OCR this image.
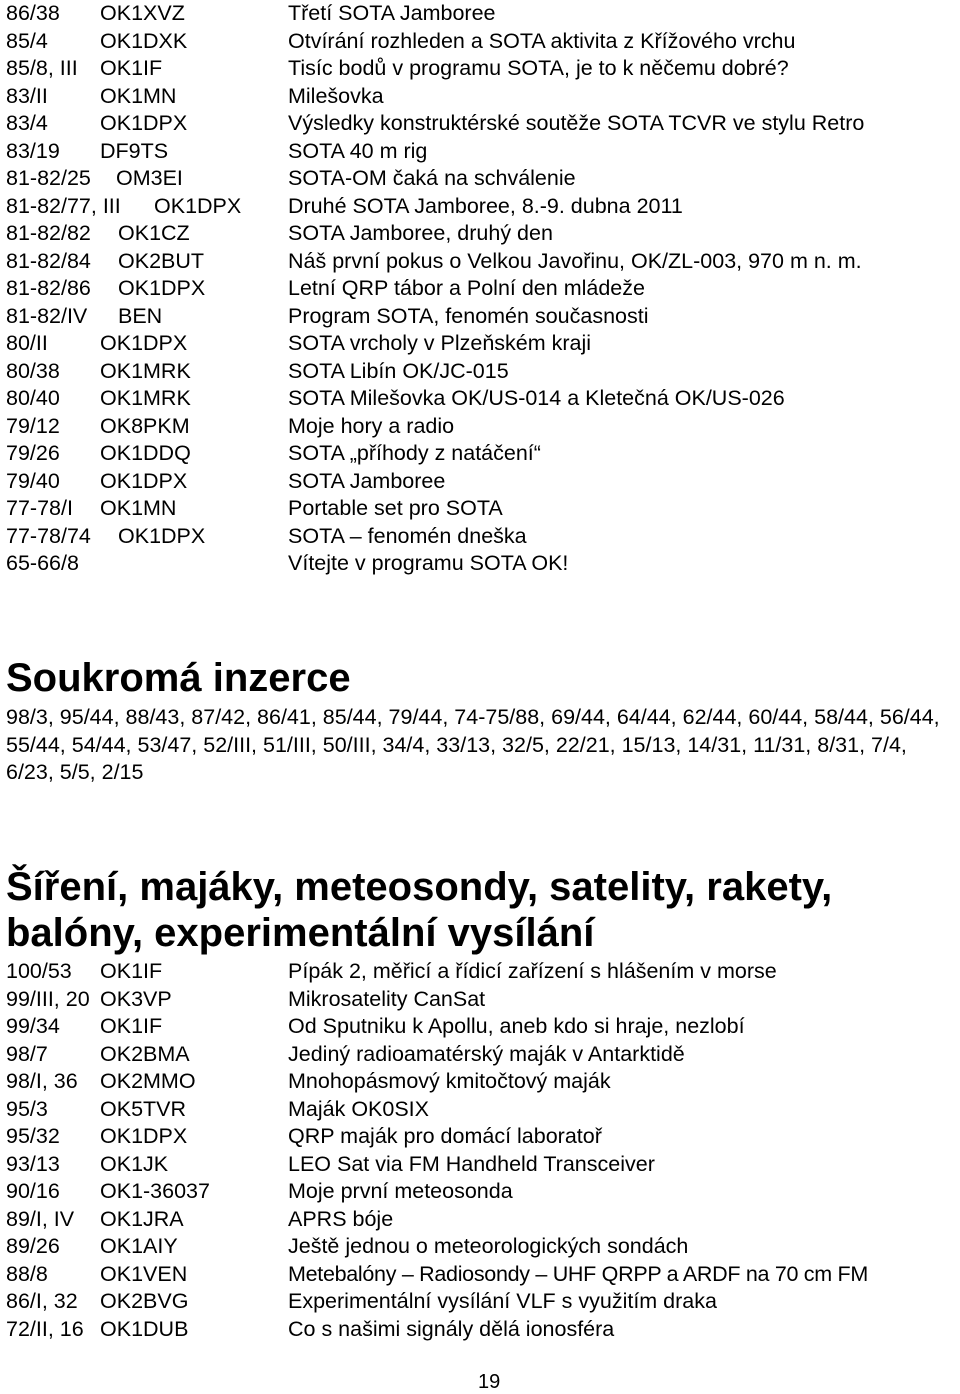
86/38 OK1XVZ	Třetí SOTA Jamboree
85/4 OK1DXK	Otvírání rozhleden a SOTA aktivita z Křížového vrchu
85/8, III OK1IF	Tisíc bodů v programu SOTA, je to k něčemu dobré?
83/II OK1MN	Milešovka
83/4 OK1DPX	Výsledky konstruktérské soutěže SOTA TCVR ve stylu Retro
83/19 DF9TS	SOTA 40 m rig
81-82/25 OM3EI	SOTA-OM čaká na schválenie
81-82/77, III OK1DPX Druhé SOTA Jamboree, 8.-9. dubna 2011
81-82/82 OK1CZ	SOTA Jamboree, druhý den
81-82/84 OK2BUT	Náš první pokus o Velkou Javořinu, OK/ZL-003, 970 m n. m.
81-82/86 OK1DPX	Letní QRP tábor a Polní den mládeže
81-82/IV BEN	Program SOTA, fenomén současnosti
80/II OK1DPX	SOTA vrcholy v Plzeňském kraji
80/38 OK1MRK	SOTA Libín OK/JC-015
80/40 OK1MRK	SOTA Milešovka OK/US-014 a Kletečná OK/US-026
79/12 OK8PKM	Moje hory a radio
79/26 OK1DDQ	SOTA „příhody z natáčení“
79/40 OK1DPX	SOTA Jamboree
77-78/I OK1MN	Portable set pro SOTA
77-78/74 OK1DPX	SOTA – fenomén dneška
65-66/8	Vítejte v programu SOTA OK!
Soukromá inzerce
98/3, 95/44, 88/43, 87/42, 86/41, 85/44, 79/44, 74-75/88, 69/44, 64/44, 62/44, 60/44, 58/44, 56/44, 55/44, 54/44, 53/47, 52/III, 51/III, 50/III, 34/4, 33/13, 32/5, 22/21, 15/13, 14/31, 11/31, 8/31, 7/4, 6/23, 5/5, 2/15
Šíření, majáky, meteosondy, satelity, rakety,
balóny, experimentální vysílání
100/53 OK1IF	Pípák 2, měřicí a řídicí zařízení s hlášením v morse
99/III, 20 OK3VP	Mikrosatelity CanSat
99/34 OK1IF	Od Sputniku k Apollu, aneb kdo si hraje, nezlobí
98/7 OK2BMA	Jediný radioamatérský maják v Antarktidě
98/I, 36 OK2MMO	Mnohopásmový kmitočtový maják
95/3 OK5TVR	Maják OK0SIX
95/32 OK1DPX	QRP maják pro domácí laboratoř
93/13 OK1JK	LEO Sat via FM Handheld Transceiver
90/16 OK1-36037	Moje první meteosonda
89/I, IV OK1JRA	APRS bóje
89/26 OK1AIY	Ještě jednou o meteorologických sondách
88/8 OK1VEN	Metebalóny – Radiosondy – UHF QRPP a ARDF na 70 cm FM
86/I, 32 OK2BVG	Experimentální vysílání VLF s využitím draka
72/II, 16 OK1DUB	Co s našimi signály dělá ionosféra
19
